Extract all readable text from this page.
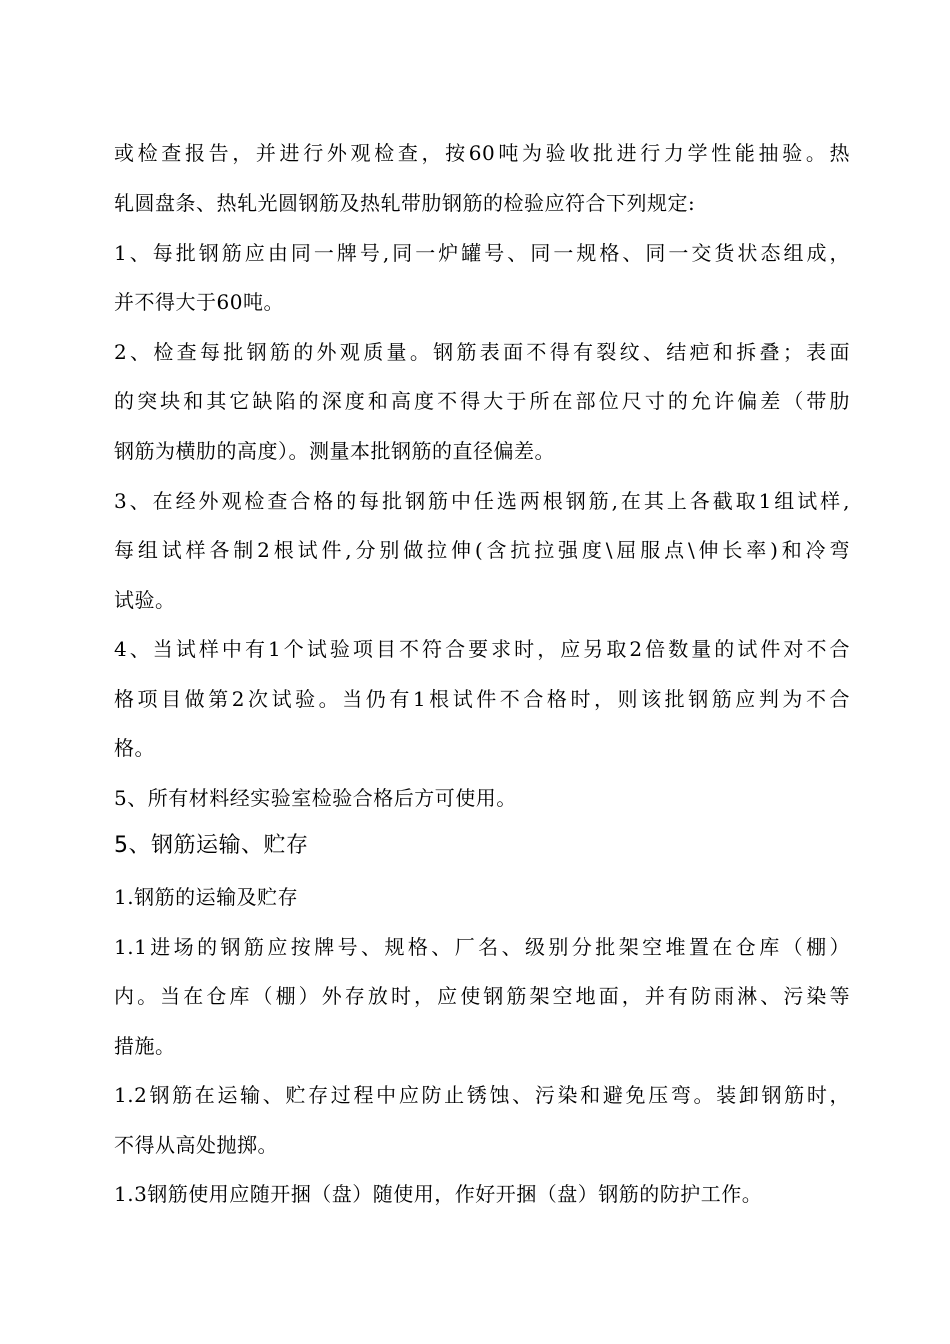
或检查报告，并进行外观检查，按60吨为验收批进行力学性能抽验。热
轧圆盘条、热轧光圆钢筋及热轧带肋钢筋的检验应符合下列规定:
1、每批钢筋应由同一牌号,同一炉罐号、同一规格、同一交货状态组成，
并不得大于60吨。
2、检查每批钢筋的外观质量。钢筋表面不得有裂纹、结疤和拆叠；表面
的突块和其它缺陷的深度和高度不得大于所在部位尺寸的允许偏差（带肋
钢筋为横肋的高度）。测量本批钢筋的直径偏差。
3、在经外观检查合格的每批钢筋中任选两根钢筋,在其上各截取1组试样,
每组试样各制2根试件,分别做拉伸(含抗拉强度\屈服点\伸长率)和冷弯
试验。
4、当试样中有1个试验项目不符合要求时，应另取2倍数量的试件对不合
格项目做第2次试验。当仍有1根试件不合格时，则该批钢筋应判为不合
格。
5、所有材料经实验室检验合格后方可使用。
5、钢筋运输、贮存
1.钢筋的运输及贮存
1.1进场的钢筋应按牌号、规格、厂名、级别分批架空堆置在仓库（棚）
内。当在仓库（棚）外存放时，应使钢筋架空地面，并有防雨淋、污染等
措施。
1.2钢筋在运输、贮存过程中应防止锈蚀、污染和避免压弯。装卸钢筋时，
不得从高处抛掷。
1.3钢筋使用应随开捆（盘）随使用，作好开捆（盘）钢筋的防护工作。
